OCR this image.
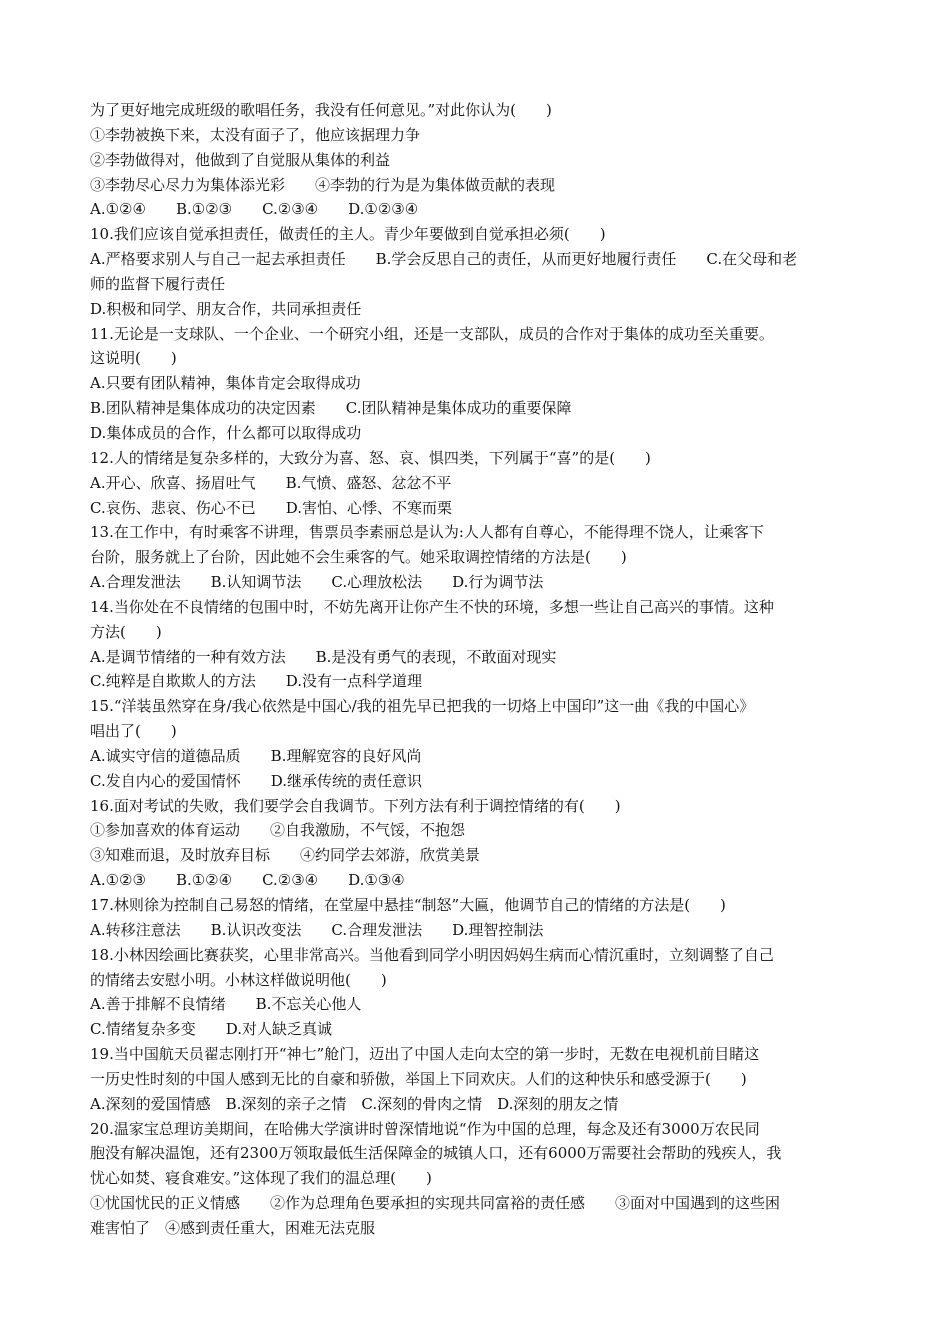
为了更好地完成班级的歌唱任务，我没有任何意见。”对此你认为(　　)
①李勃被换下来，太没有面子了，他应该据理力争
②李勃做得对，他做到了自觉服从集体的利益
③李勃尽心尽力为集体添光彩　　④李勃的行为是为集体做贡献的表现
A.①②④　　B.①②③　　C.②③④　　D.①②③④
10.我们应该自觉承担责任，做责任的主人。青少年要做到自觉承担必须(　　)
A.严格要求别人与自己一起去承担责任　　B.学会反思自己的责任，从而更好地履行责任　　C.在父母和老
师的监督下履行责任
D.积极和同学、朋友合作，共同承担责任
11.无论是一支球队、一个企业、一个研究小组，还是一支部队，成员的合作对于集体的成功至关重要。
这说明(　　)
A.只要有团队精神，集体肯定会取得成功
B.团队精神是集体成功的决定因素　　C.团队精神是集体成功的重要保障
D.集体成员的合作，什么都可以取得成功
12.人的情绪是复杂多样的，大致分为喜、怒、哀、惧四类，下列属于“喜”的是(　　)
A.开心、欣喜、扬眉吐气　　B.气愤、盛怒、忿忿不平
C.哀伤、悲哀、伤心不已　　D.害怕、心悸、不寒而栗
13.在工作中，有时乘客不讲理，售票员李素丽总是认为:人人都有自尊心，不能得理不饶人，让乘客下
台阶，服务就上了台阶，因此她不会生乘客的气。她采取调控情绪的方法是(　　)
A.合理发泄法　　B.认知调节法　　C.心理放松法　　D.行为调节法
14.当你处在不良情绪的包围中时，不妨先离开让你产生不快的环境，多想一些让自己高兴的事情。这种
方法(　　)
A.是调节情绪的一种有效方法　　B.是没有勇气的表现，不敢面对现实
C.纯粹是自欺欺人的方法　　D.没有一点科学道理
15.“洋装虽然穿在身/我心依然是中国心/我的祖先早已把我的一切烙上中国印”这一曲《我的中国心》
唱出了(　　)
A.诚实守信的道德品质　　B.理解宽容的良好风尚
C.发自内心的爱国情怀　　D.继承传统的责任意识
16.面对考试的失败，我们要学会自我调节。下列方法有利于调控情绪的有(　　)
①参加喜欢的体育运动　　②自我激励，不气馁，不抱怨
③知难而退，及时放弃目标　　④约同学去郊游，欣赏美景
A.①②③　　B.①②④　　C.②③④　　D.①③④
17.林则徐为控制自己易怒的情绪，在堂屋中悬挂“制怒”大匾，他调节自己的情绪的方法是(　　)
A.转移注意法　　B.认识改变法　　C.合理发泄法　　D.理智控制法
18.小林因绘画比赛获奖，心里非常高兴。当他看到同学小明因妈妈生病而心情沉重时，立刻调整了自己
的情绪去安慰小明。小林这样做说明他(　　)
A.善于排解不良情绪　　B.不忘关心他人
C.情绪复杂多变　　D.对人缺乏真诚
19.当中国航天员翟志刚打开“神七”舱门，迈出了中国人走向太空的第一步时，无数在电视机前目睹这
一历史性时刻的中国人感到无比的自豪和骄傲，举国上下同欢庆。人们的这种快乐和感受源于(　　)
A.深刻的爱国情感　B.深刻的亲子之情　C.深刻的骨肉之情　D.深刻的朋友之情
20.温家宝总理访美期间，在哈佛大学演讲时曾深情地说“作为中国的总理，每念及还有3000万农民同
胞没有解决温饱，还有2300万领取最低生活保障金的城镇人口，还有6000万需要社会帮助的残疾人，我
忧心如焚、寝食难安。”这体现了我们的温总理(　　)
①忧国忧民的正义情感　　②作为总理角色要承担的实现共同富裕的责任感　　③面对中国遇到的这些困
难害怕了　④感到责任重大，困难无法克服
